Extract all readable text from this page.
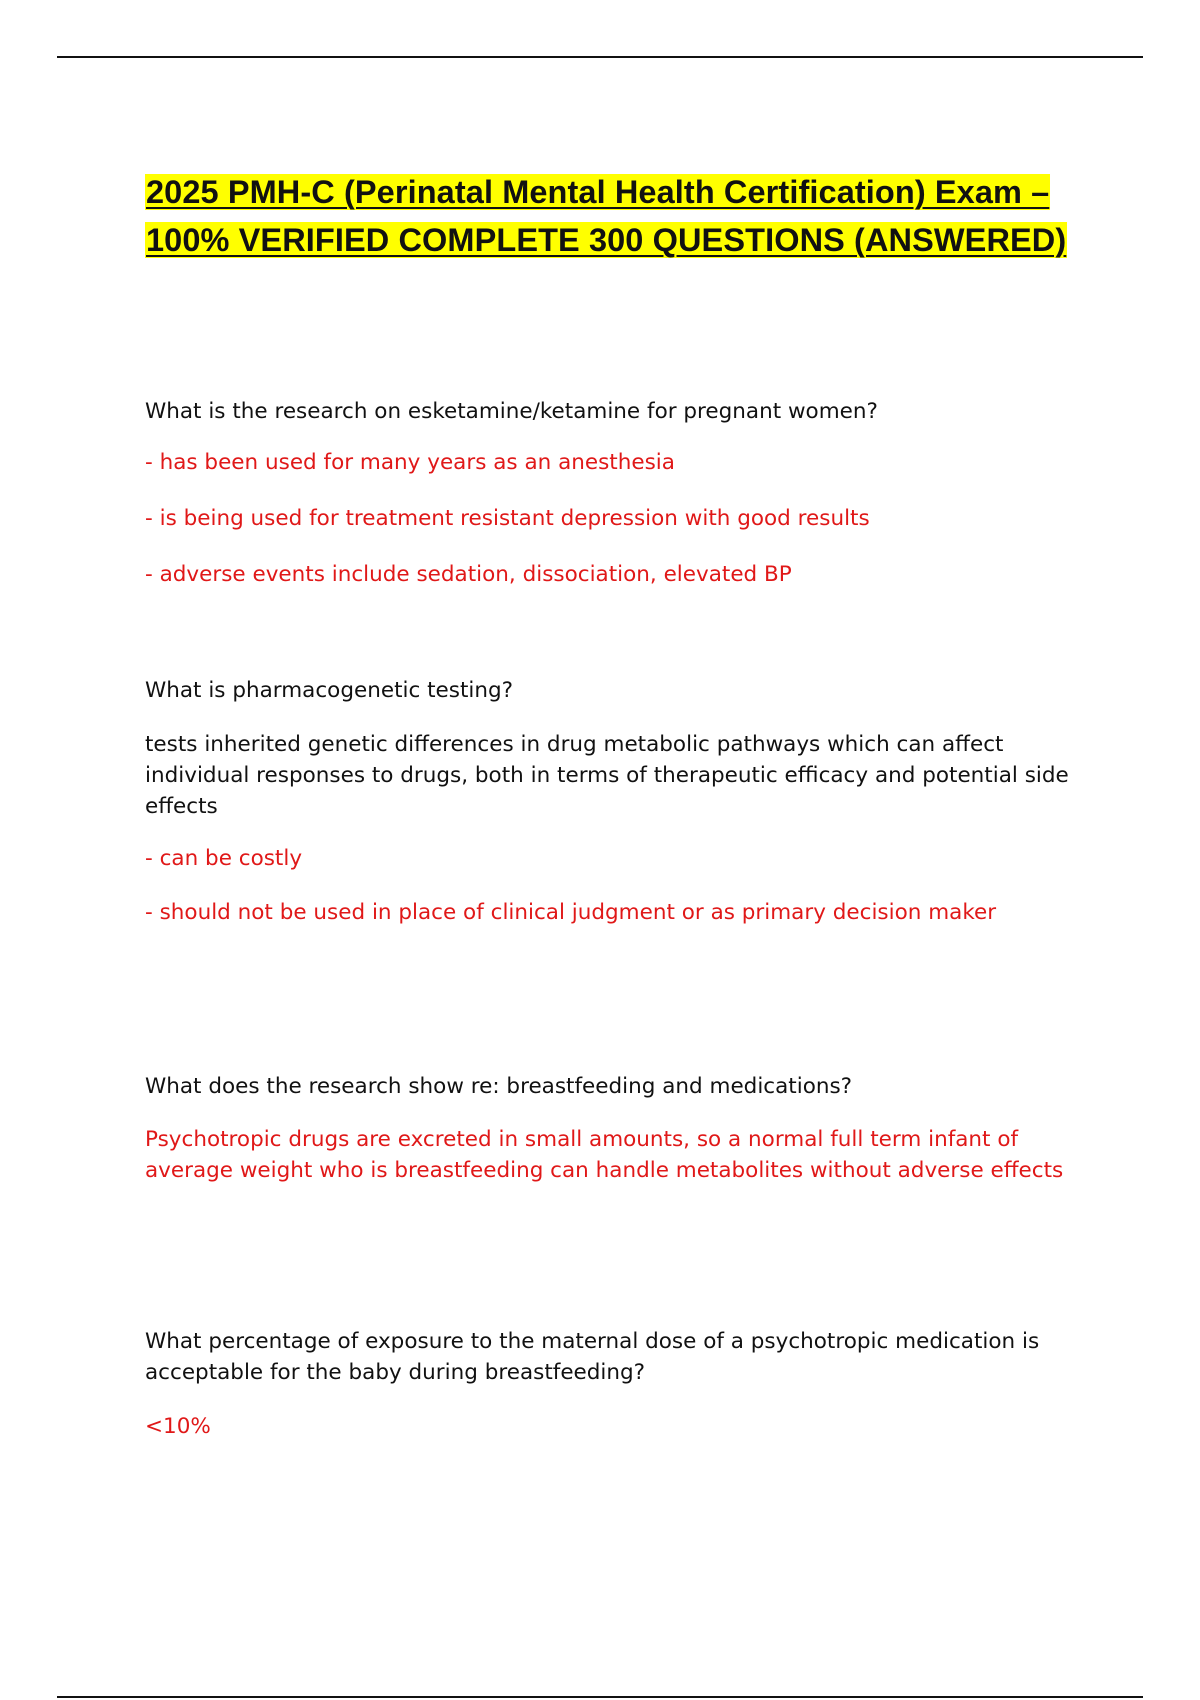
2025 PMH-C (Perinatal Mental Health Certification) Exam – 100% VERIFIED COMPLETE 300 QUESTIONS (ANSWERED)

What is the research on esketamine/ketamine for pregnant women?

- has been used for many years as an anesthesia

- is being used for treatment resistant depression with good results

- adverse events include sedation, dissociation, elevated BP

What is pharmacogenetic testing?

tests inherited genetic differences in drug metabolic pathways which can affect individual responses to drugs, both in terms of therapeutic efficacy and potential side effects

- can be costly

- should not be used in place of clinical judgment or as primary decision maker

What does the research show re: breastfeeding and medications?

Psychotropic drugs are excreted in small amounts, so a normal full term infant of average weight who is breastfeeding can handle metabolites without adverse effects

What percentage of exposure to the maternal dose of a psychotropic medication is acceptable for the baby during breastfeeding?

<10%
